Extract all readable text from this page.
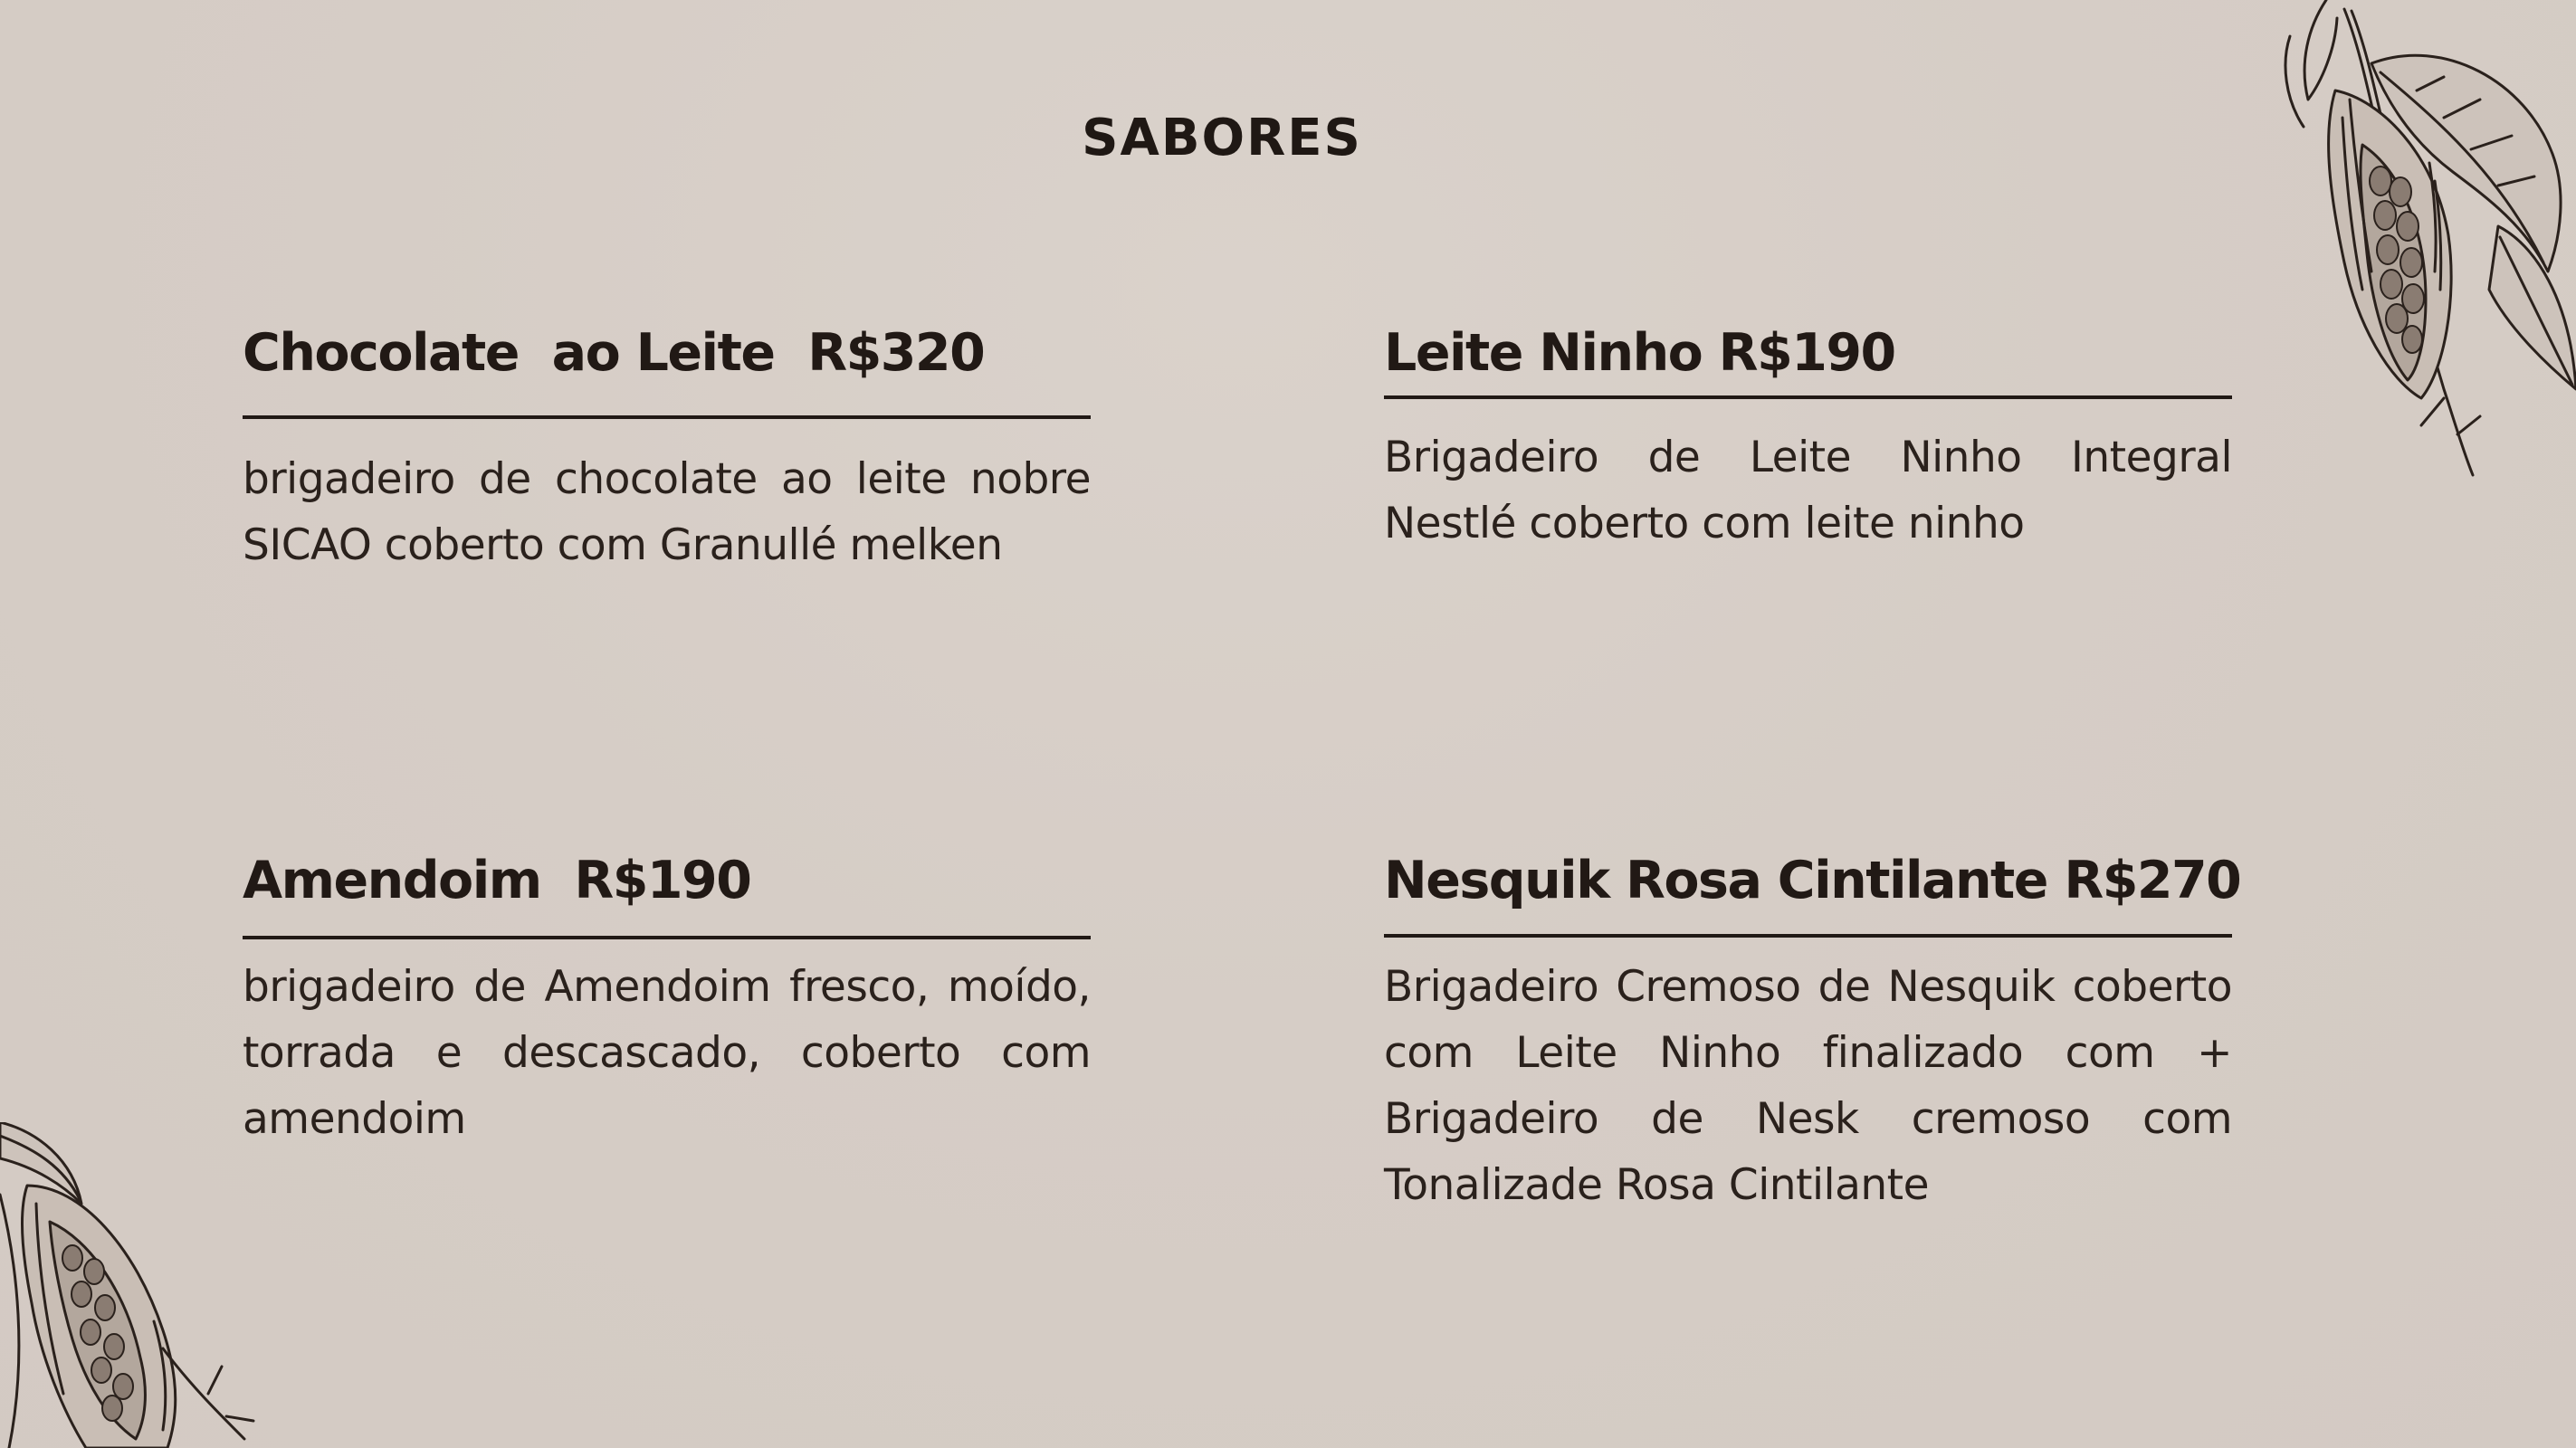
SABORES
Chocolate  ao Leite  R$320
brigadeiro de chocolate ao leite nobre SICAO coberto com Granullé melken
Leite Ninho R$190
Brigadeiro de Leite Ninho Integral Nestlé coberto com leite ninho
Amendoim  R$190
brigadeiro de Amendoim fresco, moído, torrada e descascado, coberto com amendoim
Nesquik Rosa Cintilante R$270
Brigadeiro Cremoso de Nesquik coberto com Leite Ninho finalizado com + Brigadeiro de Nesk cremoso com Tonalizade Rosa Cintilante
